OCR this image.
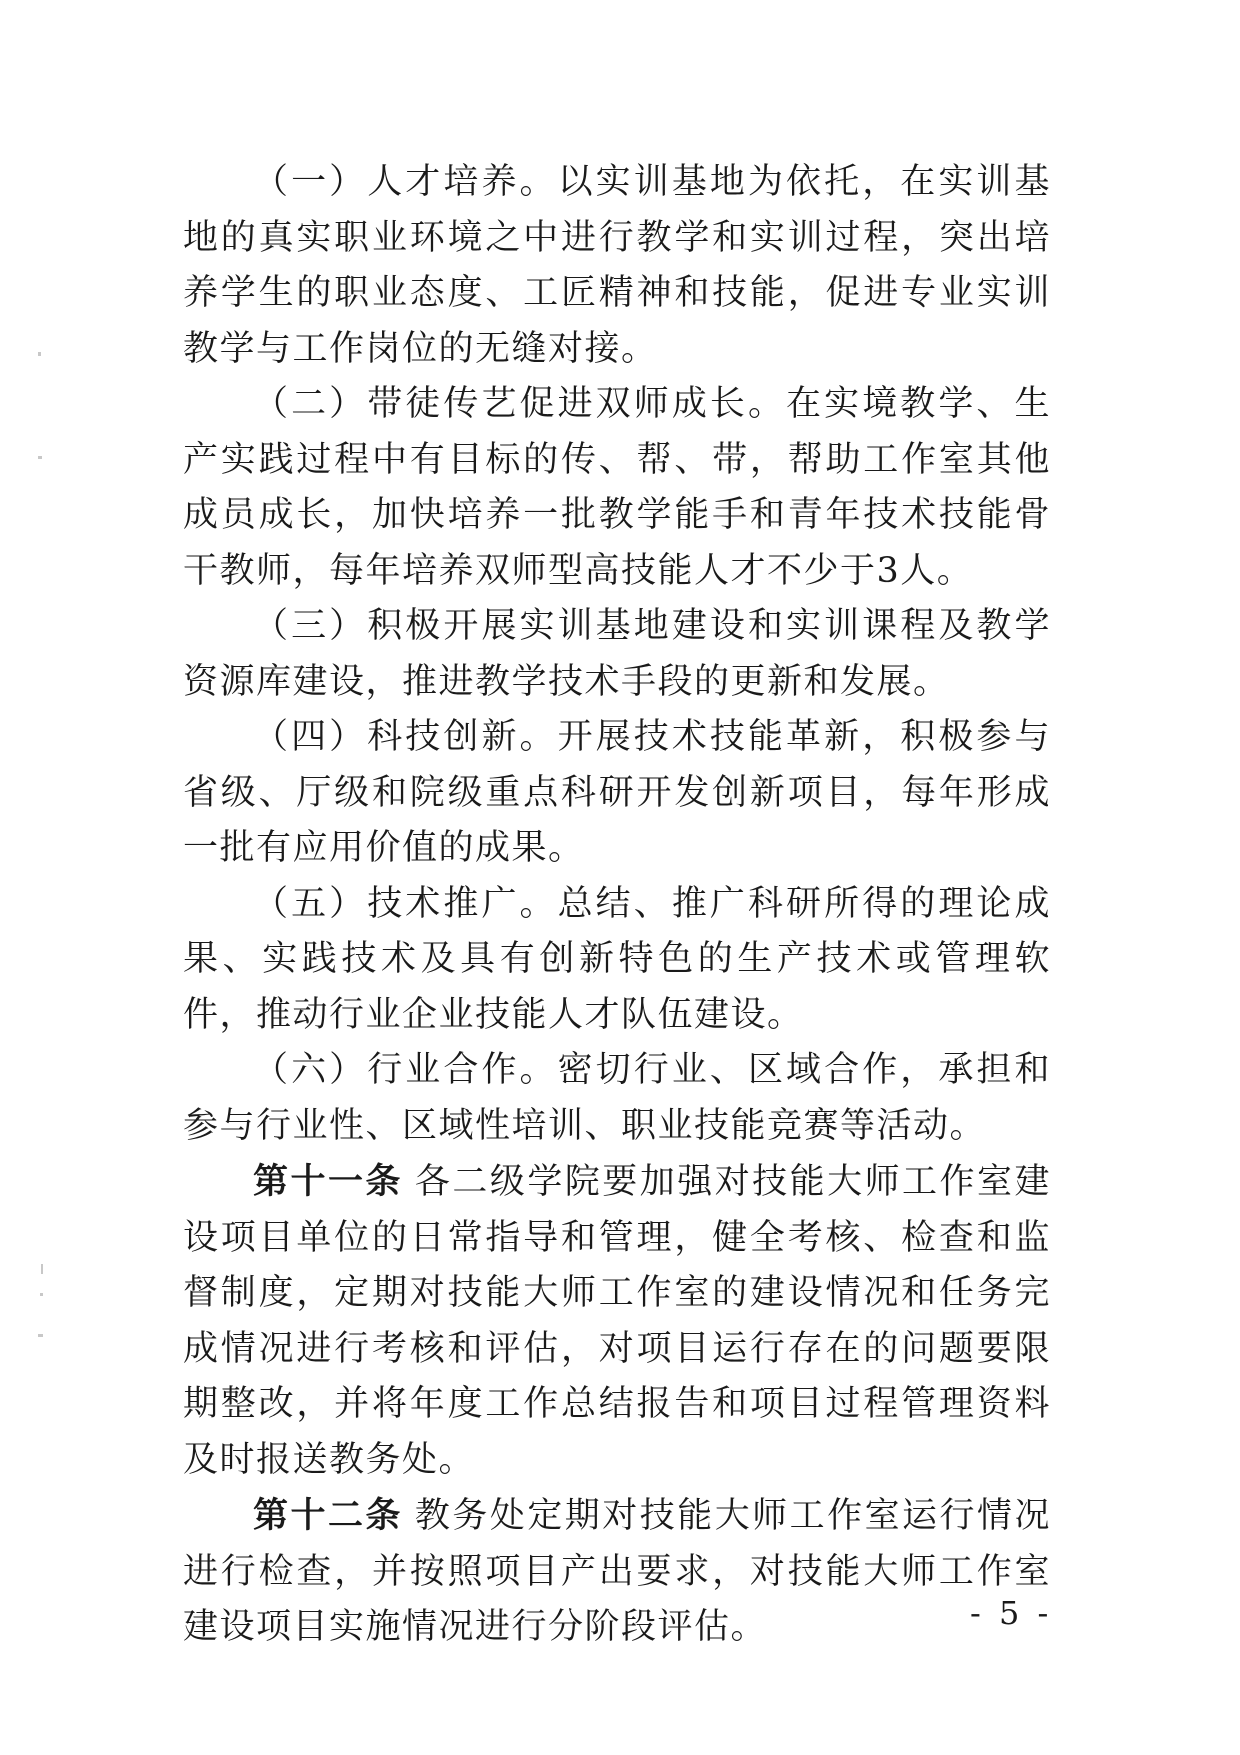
（一）人才培养。以实训基地为依托，在实训基地的真实职业环境之中进行教学和实训过程，突出培养学生的职业态度、工匠精神和技能，促进专业实训教学与工作岗位的无缝对接。

（二）带徒传艺促进双师成长。在实境教学、生产实践过程中有目标的传、帮、带，帮助工作室其他成员成长，加快培养一批教学能手和青年技术技能骨干教师，每年培养双师型高技能人才不少于3人。

（三）积极开展实训基地建设和实训课程及教学资源库建设，推进教学技术手段的更新和发展。

（四）科技创新。开展技术技能革新，积极参与省级、厅级和院级重点科研开发创新项目，每年形成一批有应用价值的成果。

（五）技术推广。总结、推广科研所得的理论成果、实践技术及具有创新特色的生产技术或管理软件，推动行业企业技能人才队伍建设。

（六）行业合作。密切行业、区域合作，承担和参与行业性、区域性培训、职业技能竞赛等活动。

第十一条 各二级学院要加强对技能大师工作室建设项目单位的日常指导和管理，健全考核、检查和监督制度，定期对技能大师工作室的建设情况和任务完成情况进行考核和评估，对项目运行存在的问题要限期整改，并将年度工作总结报告和项目过程管理资料及时报送教务处。

第十二条 教务处定期对技能大师工作室运行情况进行检查，并按照项目产出要求，对技能大师工作室建设项目实施情况进行分阶段评估。	- 5 -
